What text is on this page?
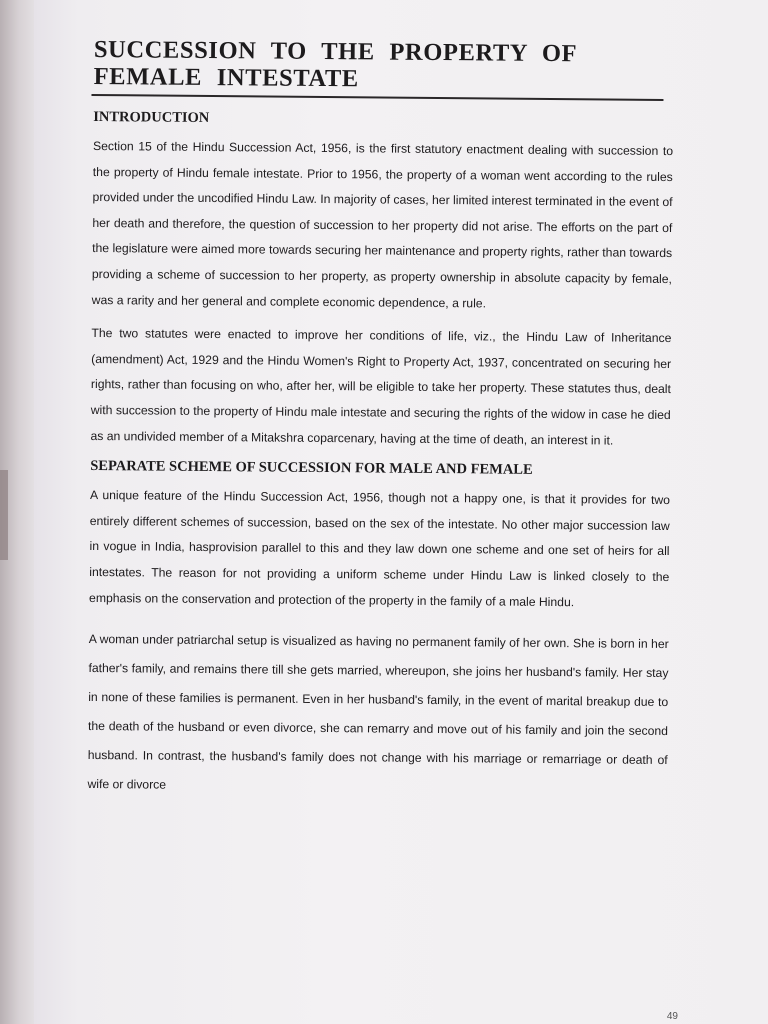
SUCCESSION TO THE PROPERTY OF FEMALE INTESTATE
INTRODUCTION

Section 15 of the Hindu Succession Act, 1956, is the first statutory enactment dealing with succession to the property of Hindu female intestate. Prior to 1956, the property of a woman went according to the rules provided under the uncodified Hindu Law. In majority of cases, her limited interest terminated in the event of her death and therefore, the question of succession to her property did not arise. The efforts on the part of the legislature were aimed more towards securing her maintenance and property rights, rather than towards providing a scheme of succession to her property, as property ownership in absolute capacity by female, was a rarity and her general and complete economic dependence, a rule.

The two statutes were enacted to improve her conditions of life, viz., the Hindu Law of Inheritance (amendment) Act, 1929 and the Hindu Women's Right to Property Act, 1937, concentrated on securing her rights, rather than focusing on who, after her, will be eligible to take her property. These statutes thus, dealt with succession to the property of Hindu male intestate and securing the rights of the widow in case he died as an undivided member of a Mitakshra coparcenary, having at the time of death, an interest in it.

SEPARATE SCHEME OF SUCCESSION FOR MALE AND FEMALE

A unique feature of the Hindu Succession Act, 1956, though not a happy one, is that it provides for two entirely different schemes of succession, based on the sex of the intestate. No other major succession law in vogue in India, hasprovision parallel to this and they law down one scheme and one set of heirs for all intestates. The reason for not providing a uniform scheme under Hindu Law is linked closely to the emphasis on the conservation and protection of the property in the family of a male Hindu.

A woman under patriarchal setup is visualized as having no permanent family of her own. She is born in her father's family, and remains there till she gets married, whereupon, she joins her husband's family. Her stay in none of these families is permanent. Even in her husband's family, in the event of marital breakup due to the death of the husband or even divorce, she can remarry and move out of his family and join the second husband. In contrast, the husband's family does not change with his marriage or remarriage or death of wife or divorce

49
